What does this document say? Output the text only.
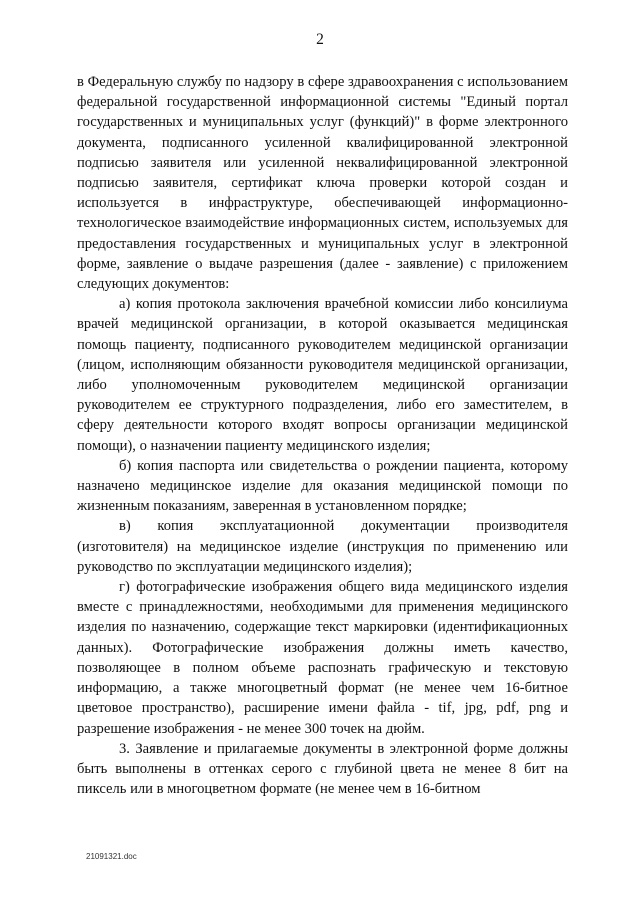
2

в Федеральную службу по надзору в сфере здравоохранения с использованием федеральной государственной информационной системы "Единый портал государственных и муниципальных услуг (функций)" в форме электронного документа, подписанного усиленной квалифицированной электронной подписью заявителя или усиленной неквалифицированной электронной подписью заявителя, сертификат ключа проверки которой создан и используется в инфраструктуре, обеспечивающей информационно-технологическое взаимодействие информационных систем, используемых для предоставления государственных и муниципальных услуг в электронной форме, заявление о выдаче разрешения (далее - заявление) с приложением следующих документов:

а) копия протокола заключения врачебной комиссии либо консилиума врачей медицинской организации, в которой оказывается медицинская помощь пациенту, подписанного руководителем медицинской организации (лицом, исполняющим обязанности руководителя медицинской организации, либо уполномоченным руководителем медицинской организации руководителем ее структурного подразделения, либо его заместителем, в сферу деятельности которого входят вопросы организации медицинской помощи), о назначении пациенту медицинского изделия;

б) копия паспорта или свидетельства о рождении пациента, которому назначено медицинское изделие для оказания медицинской помощи по жизненным показаниям, заверенная в установленном порядке;

в) копия эксплуатационной документации производителя (изготовителя) на медицинское изделие (инструкция по применению или руководство по эксплуатации медицинского изделия);

г) фотографические изображения общего вида медицинского изделия вместе с принадлежностями, необходимыми для применения медицинского изделия по назначению, содержащие текст маркировки (идентификационных данных). Фотографические изображения должны иметь качество, позволяющее в полном объеме распознать графическую и текстовую информацию, а также многоцветный формат (не менее чем 16-битное цветовое пространство), расширение имени файла - tif, jpg, pdf, png и разрешение изображения - не менее 300 точек на дюйм.

3. Заявление и прилагаемые документы в электронной форме должны быть выполнены в оттенках серого с глубиной цвета не менее 8 бит на пиксель или в многоцветном формате (не менее чем в 16-битном

21091321.doc
